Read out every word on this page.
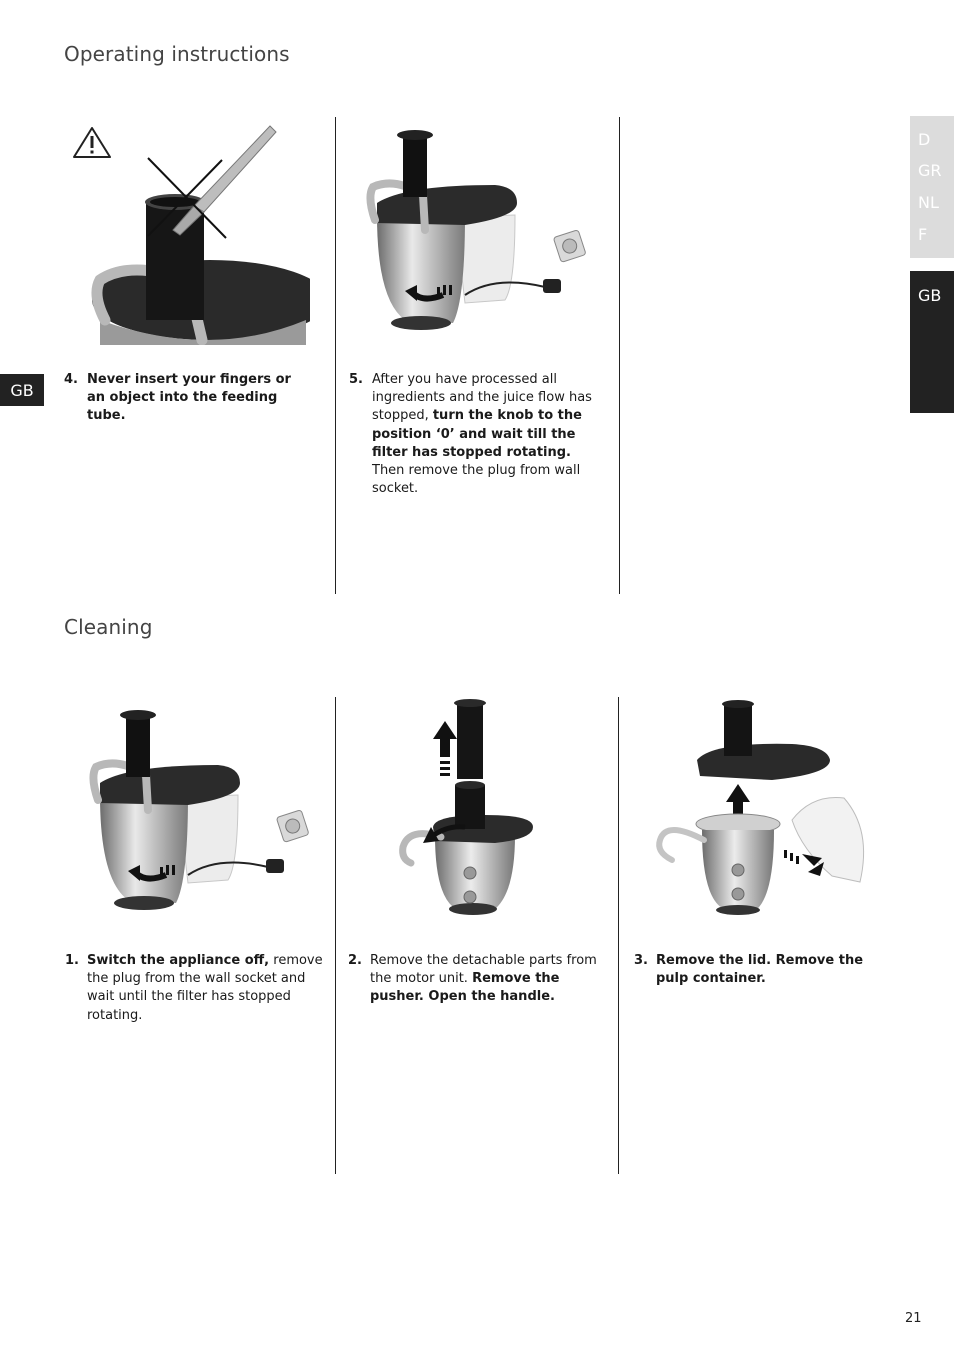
Operating instructions
Cleaning
GB
D
GR
NL
F
GB
4. Never insert your fingers or an object into the feeding tube.
5. After you have processed all ingredients and the juice flow has stopped, turn the knob to the position ‘0’ and wait till the filter has stopped rotating. Then remove the plug from wall socket.
1. Switch the appliance off, remove the plug from the wall socket and wait until the filter has stopped rotating.
2. Remove the detachable parts from the motor unit. Remove the pusher. Open the handle.
3. Remove the lid. Remove the pulp container.
21
